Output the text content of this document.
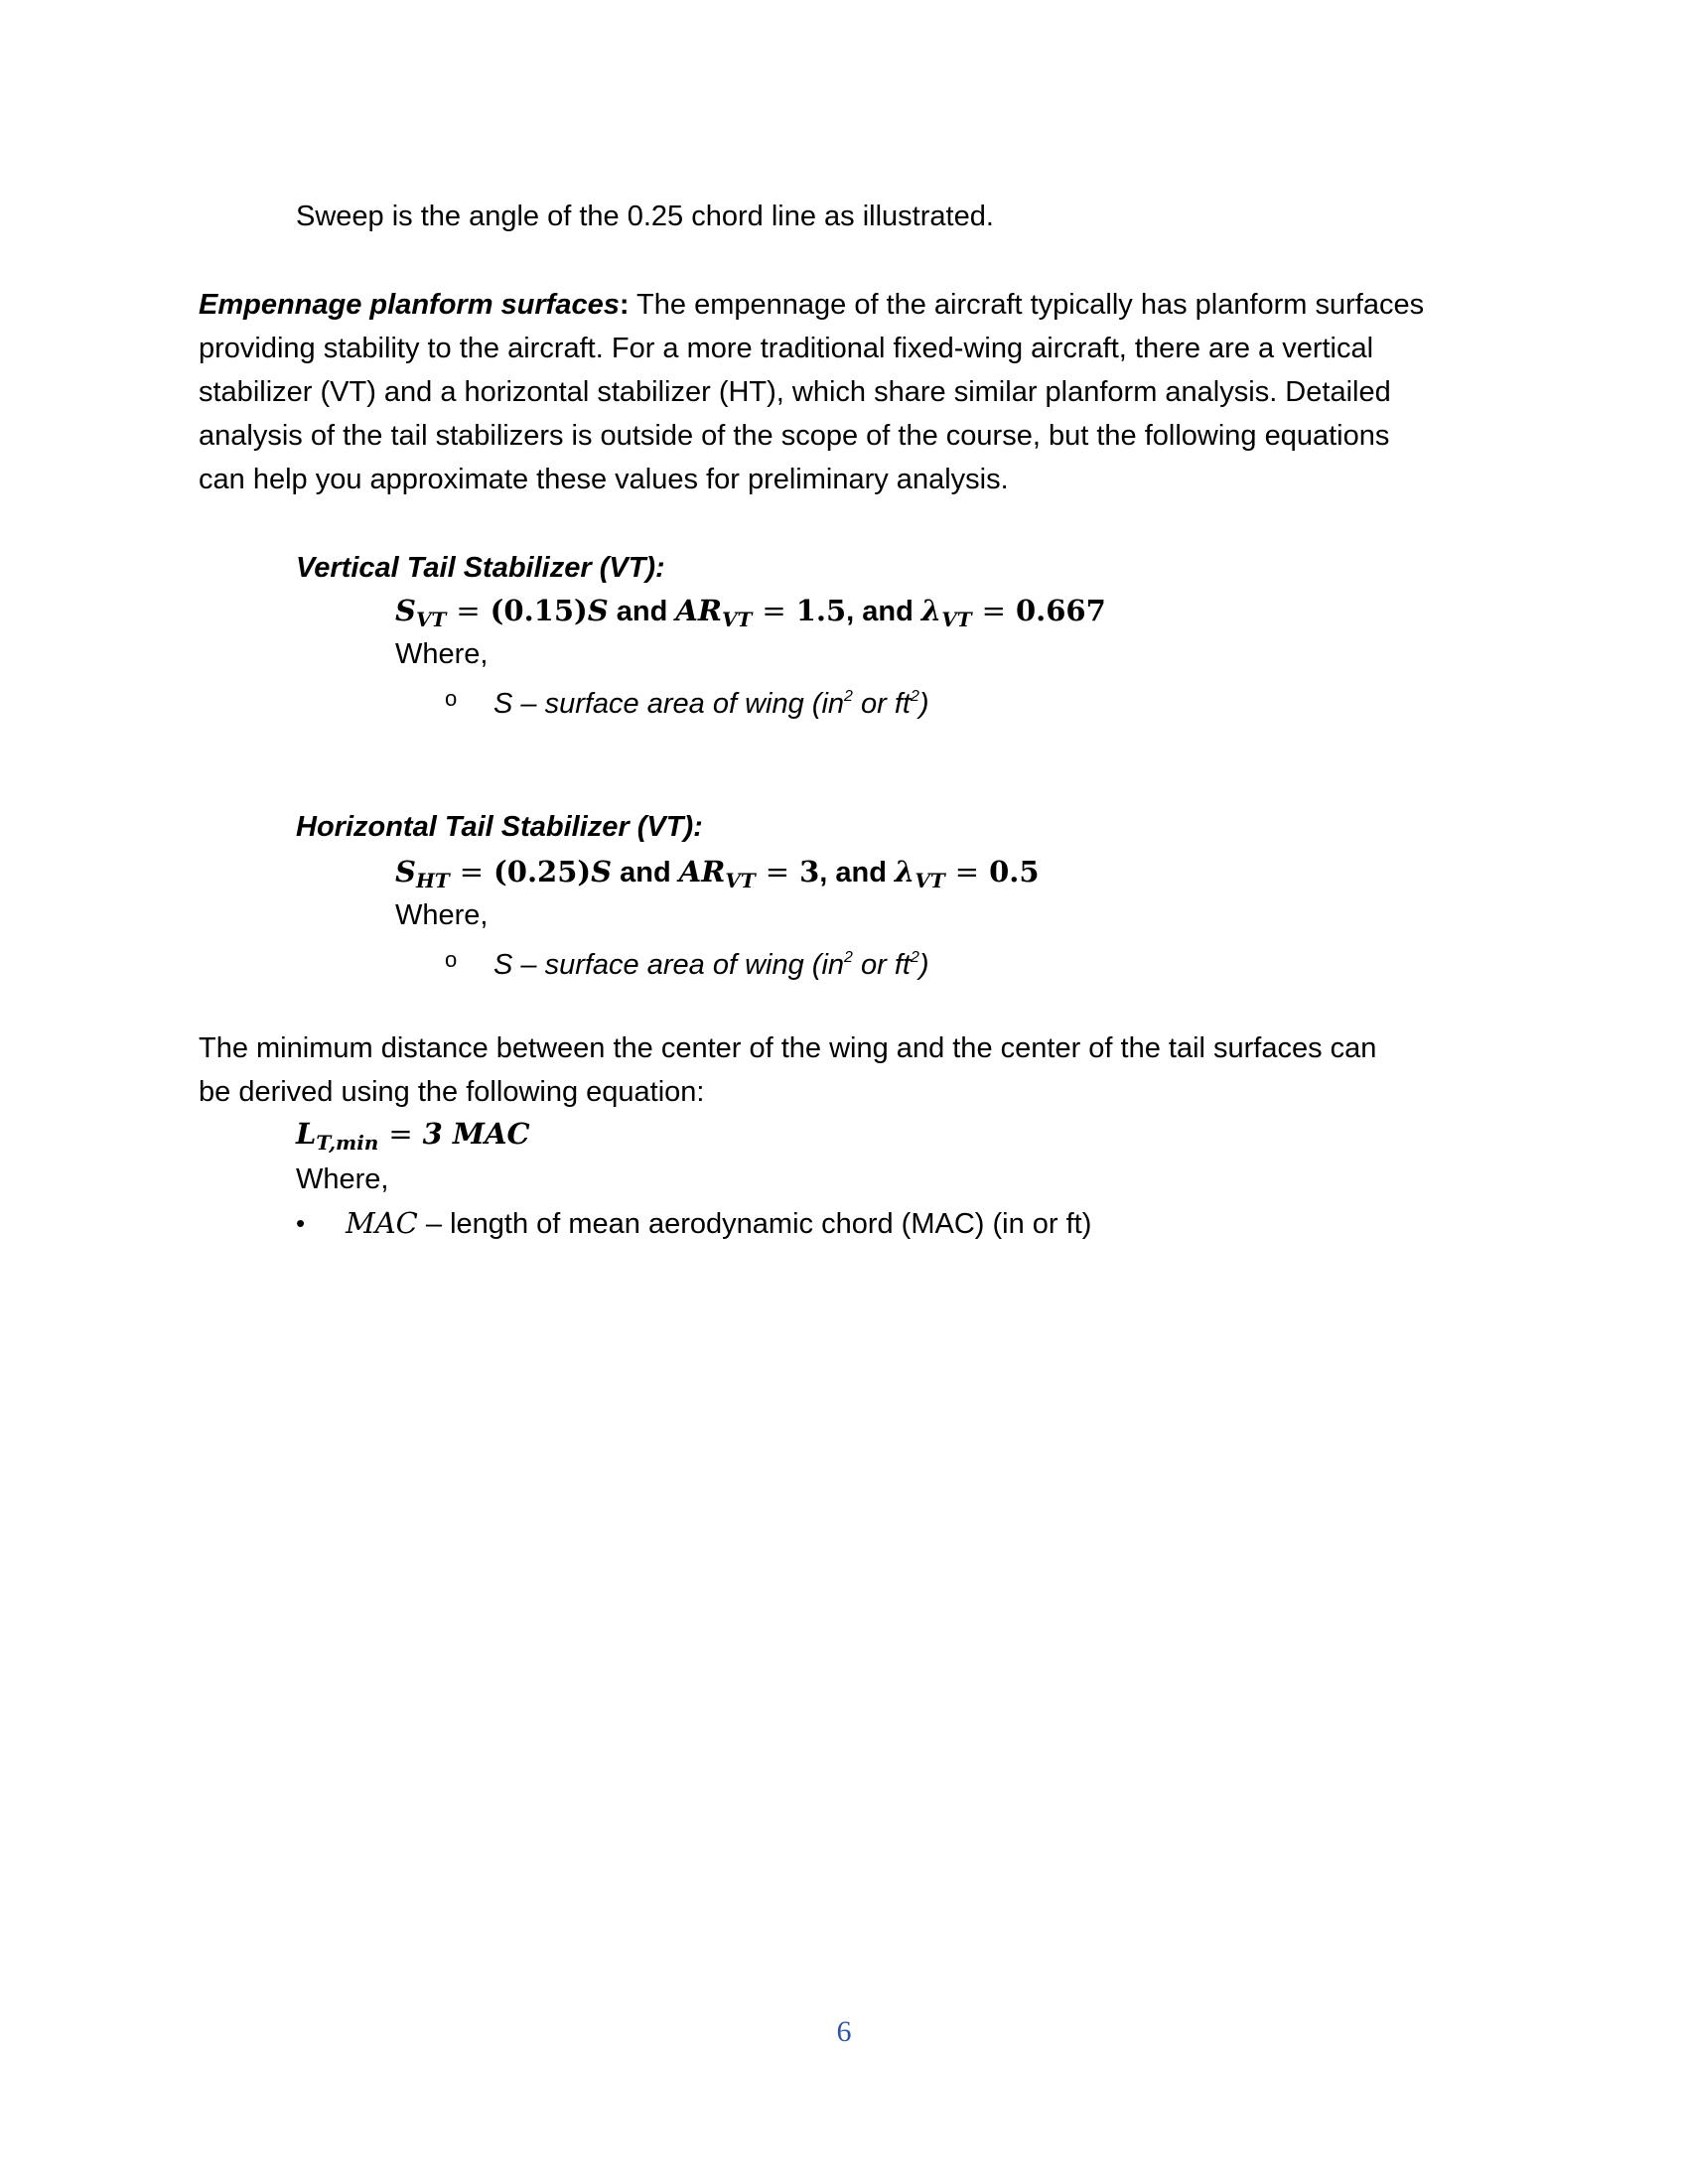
Sweep is the angle of the 0.25 chord line as illustrated.
Empennage planform surfaces: The empennage of the aircraft typically has planform surfaces
providing stability to the aircraft. For a more traditional fixed-wing aircraft, there are a vertical
stabilizer (VT) and a horizontal stabilizer (HT), which share similar planform analysis. Detailed
analysis of the tail stabilizers is outside of the scope of the course, but the following equations
can help you approximate these values for preliminary analysis.
Vertical Tail Stabilizer (VT):
$S_{VT} = (0.15)S$ and $AR_{VT} = 1.5$, and $\lambda_{VT} = 0.667$
Where,
o S – surface area of wing ($in^2$ or $ft^2$)
Horizontal Tail Stabilizer (VT):
$S_{HT} = (0.25)S$ and $AR_{VT} = 3$, and $\lambda_{VT} = 0.5$
Where,
o S – surface area of wing ($in^2$ or $ft^2$)
The minimum distance between the center of the wing and the center of the tail surfaces can
be derived using the following equation:
$L_{T,min} = 3$ MAC
Where,
• MAC – length of mean aerodynamic chord (MAC) (in or ft)
6
